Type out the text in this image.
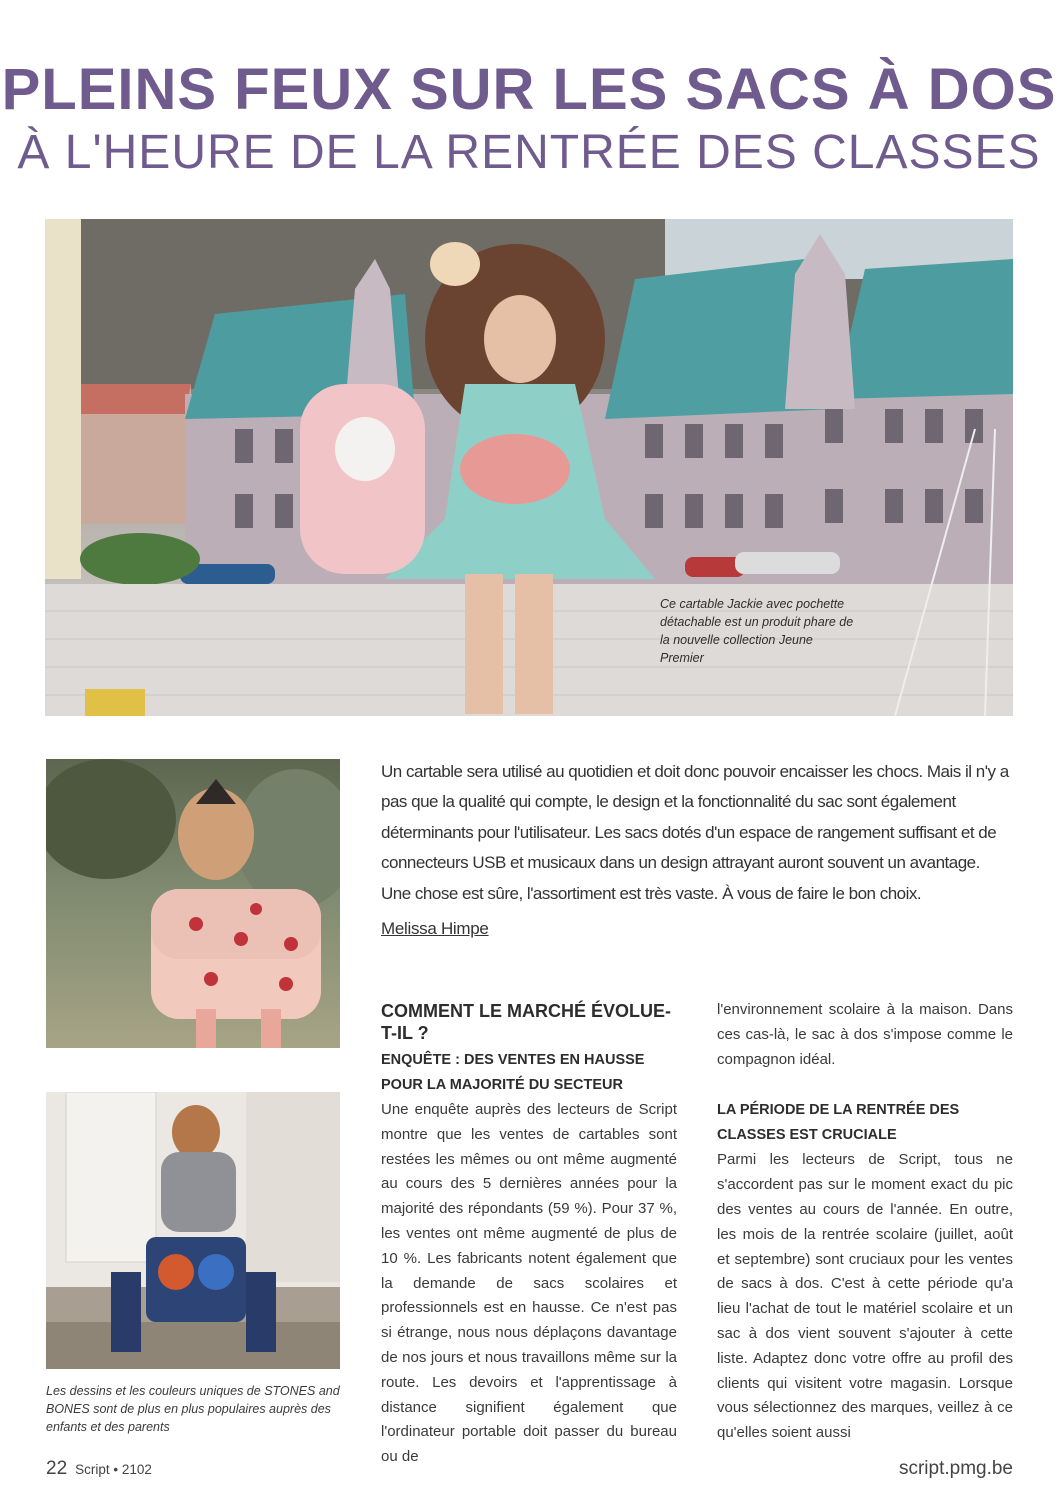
PLEINS FEUX SUR LES SACS À DOS
À L'HEURE DE LA RENTRÉE DES CLASSES
Ce cartable Jackie avec pochette détachable est un produit phare de la nouvelle collection Jeune Premier
Les dessins et les couleurs uniques de STONES and BONES sont de plus en plus populaires auprès des enfants et des parents
Un cartable sera utilisé au quotidien et doit donc pouvoir encaisser les chocs. Mais il n'y a pas que la qualité qui compte, le design et la fonctionnalité du sac sont également déterminants pour l'utilisateur. Les sacs dotés d'un espace de rangement suffisant et de connecteurs USB et musicaux dans un design attrayant auront souvent un avantage. Une chose est sûre, l'assortiment est très vaste. À vous de faire le bon choix.
Melissa Himpe
COMMENT LE MARCHÉ ÉVOLUE-T-IL ?
ENQUÊTE : DES VENTES EN HAUSSE POUR LA MAJORITÉ DU SECTEUR

Une enquête auprès des lecteurs de Script montre que les ventes de cartables sont restées les mêmes ou ont même augmenté au cours des 5 dernières années pour la majorité des répondants (59 %). Pour 37 %, les ventes ont même augmenté de plus de 10 %. Les fabricants notent également que la demande de sacs scolaires et professionnels est en hausse. Ce n'est pas si étrange, nous nous déplaçons davantage de nos jours et nous travaillons même sur la route. Les devoirs et l'apprentissage à distance signifient également que l'ordinateur portable doit passer du bureau ou de

l'environnement scolaire à la maison. Dans ces cas-là, le sac à dos s'impose comme le compagnon idéal.

LA PÉRIODE DE LA RENTRÉE DES CLASSES EST CRUCIALE

Parmi les lecteurs de Script, tous ne s'accordent pas sur le moment exact du pic des ventes au cours de l'année. En outre, les mois de la rentrée scolaire (juillet, août et septembre) sont cruciaux pour les ventes de sacs à dos. C'est à cette période qu'a lieu l'achat de tout le matériel scolaire et un sac à dos vient souvent s'ajouter à cette liste. Adaptez donc votre offre au profil des clients qui visitent votre magasin. Lorsque vous sélectionnez des marques, veillez à ce qu'elles soient aussi

22 Script • 2102	script.pmg.be
